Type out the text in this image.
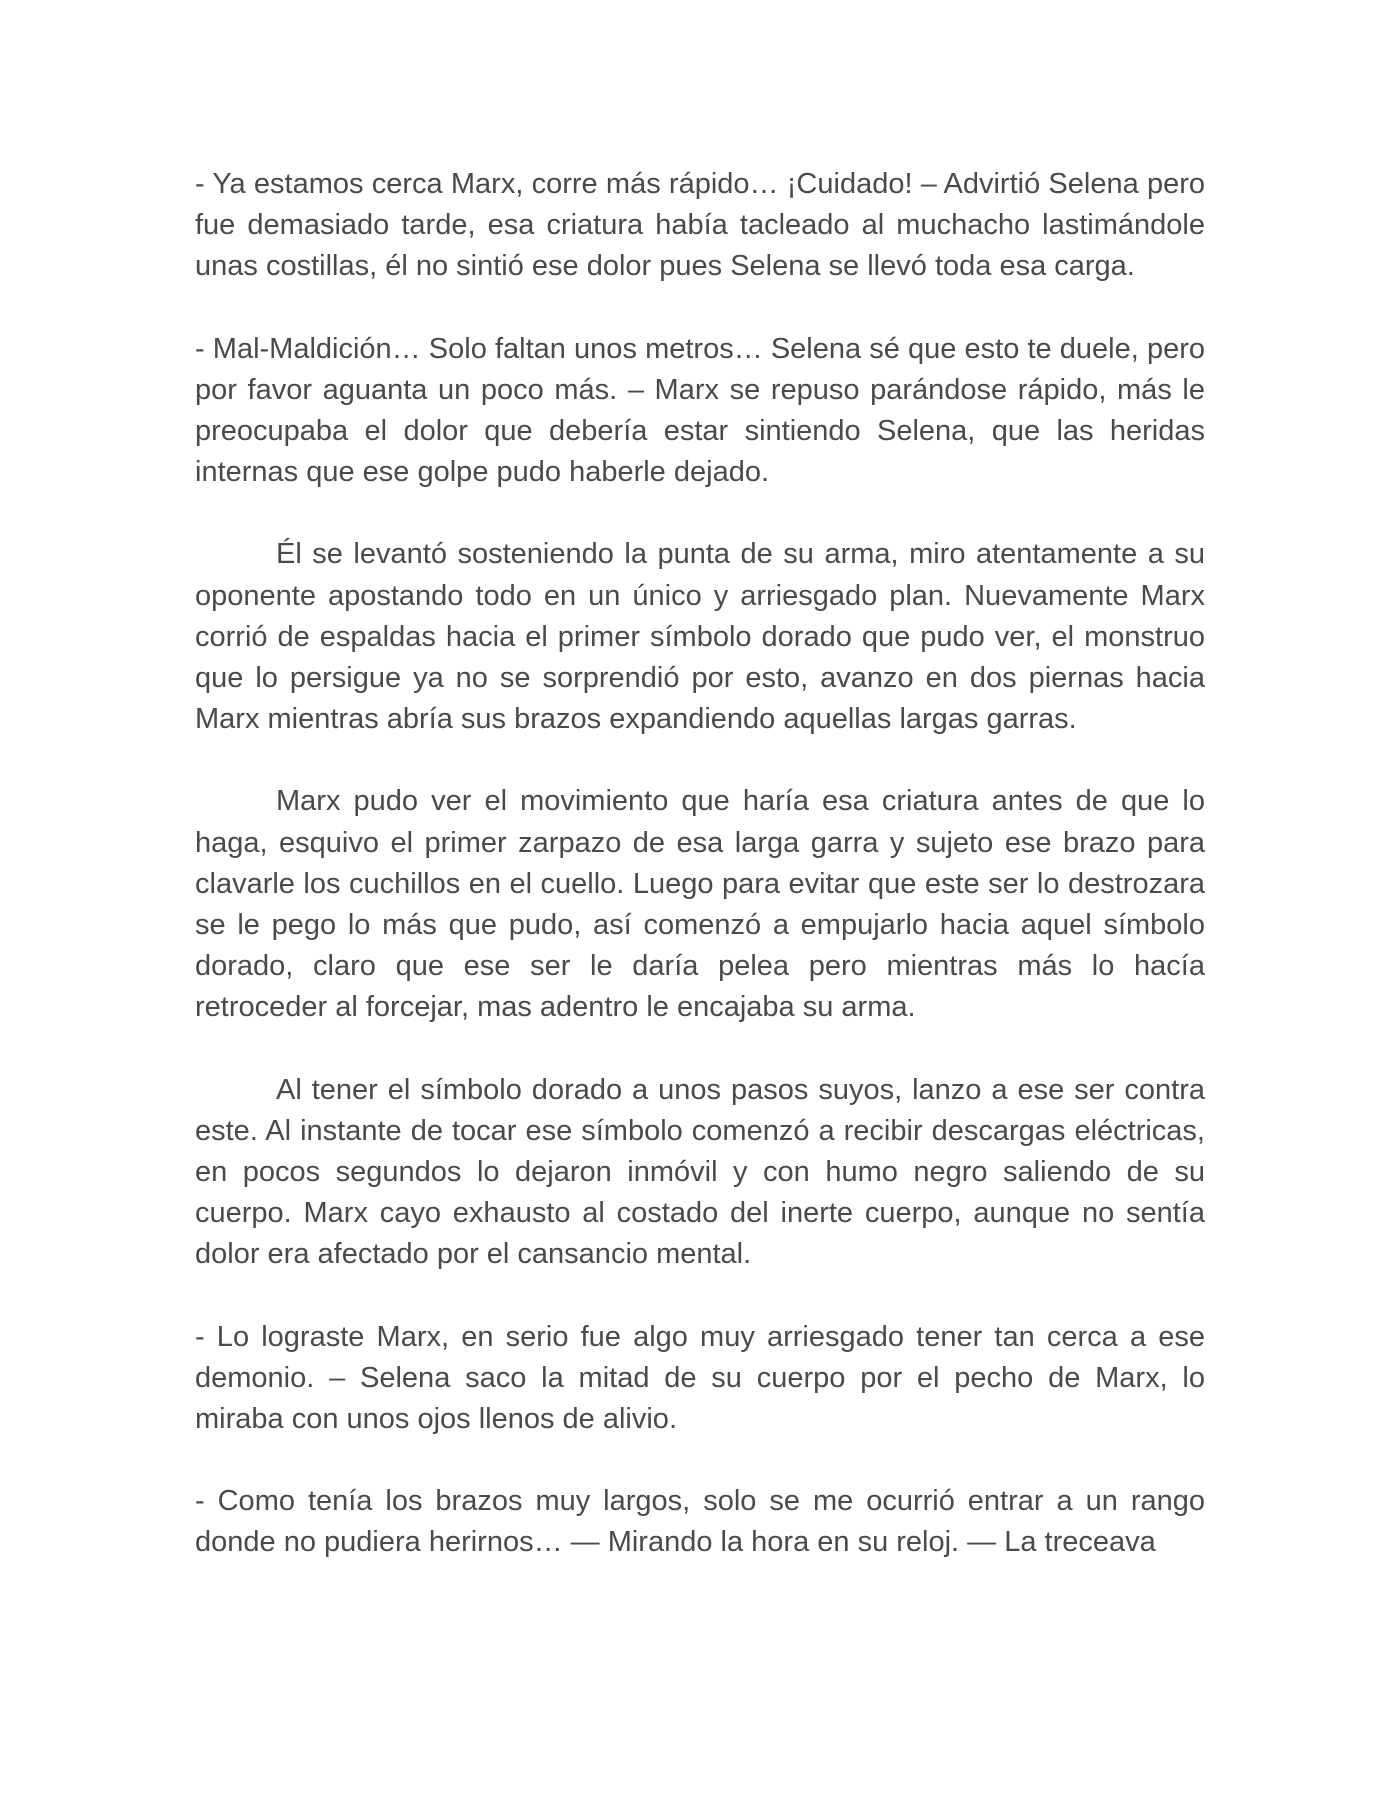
- Ya estamos cerca Marx, corre más rápido… ¡Cuidado! – Advirtió Selena pero fue demasiado tarde, esa criatura había tacleado al muchacho lastimándole unas costillas, él no sintió ese dolor pues Selena se llevó toda esa carga.

- Mal-Maldición… Solo faltan unos metros… Selena sé que esto te duele, pero por favor aguanta un poco más. – Marx se repuso parándose rápido, más le preocupaba el dolor que debería estar sintiendo Selena, que las heridas internas que ese golpe pudo haberle dejado.

Él se levantó sosteniendo la punta de su arma, miro atentamente a su oponente apostando todo en un único y arriesgado plan. Nuevamente Marx corrió de espaldas hacia el primer símbolo dorado que pudo ver, el monstruo que lo persigue ya no se sorprendió por esto, avanzo en dos piernas hacia Marx mientras abría sus brazos expandiendo aquellas largas garras.

Marx pudo ver el movimiento que haría esa criatura antes de que lo haga, esquivo el primer zarpazo de esa larga garra y sujeto ese brazo para clavarle los cuchillos en el cuello. Luego para evitar que este ser lo destrozara se le pego lo más que pudo, así comenzó a empujarlo hacia aquel símbolo dorado, claro que ese ser le daría pelea pero mientras más lo hacía retroceder al forcejar, mas adentro le encajaba su arma.

Al tener el símbolo dorado a unos pasos suyos, lanzo a ese ser contra este. Al instante de tocar ese símbolo comenzó a recibir descargas eléctricas, en pocos segundos lo dejaron inmóvil y con humo negro saliendo de su cuerpo. Marx cayo exhausto al costado del inerte cuerpo, aunque no sentía dolor era afectado por el cansancio mental.

- Lo lograste Marx, en serio fue algo muy arriesgado tener tan cerca a ese demonio. – Selena saco la mitad de su cuerpo por el pecho de Marx, lo miraba con unos ojos llenos de alivio.

- Como tenía los brazos muy largos, solo se me ocurrió entrar a un rango donde no pudiera herirnos… — Mirando la hora en su reloj. — La treceava
